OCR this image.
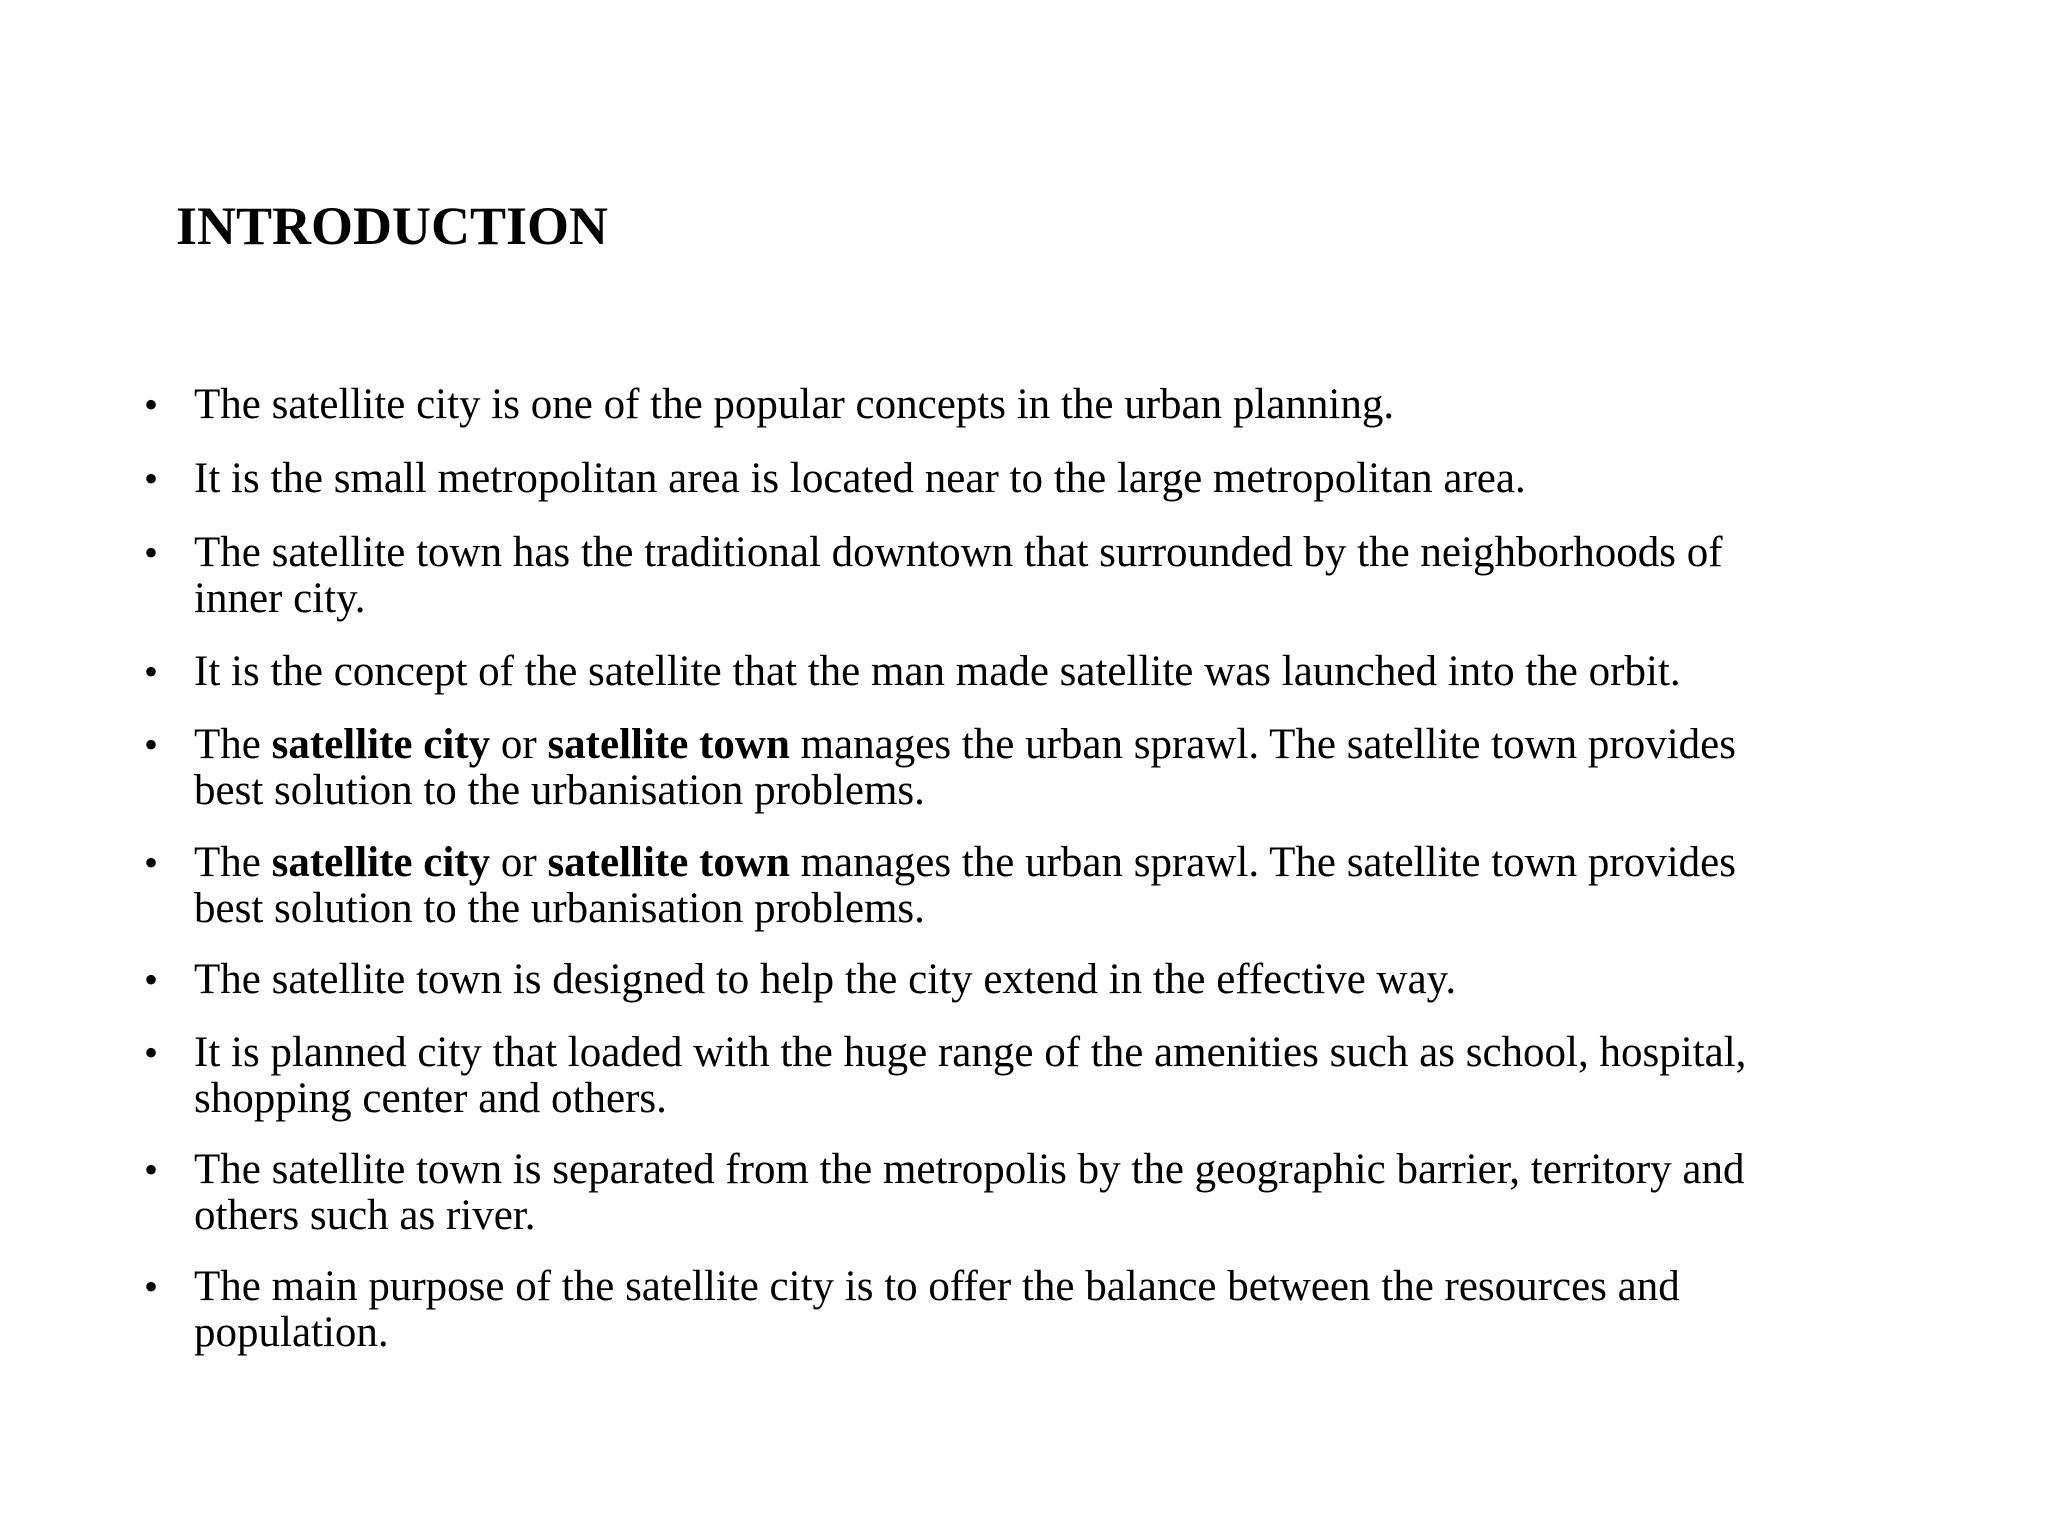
INTRODUCTION
• The satellite city is one of the popular concepts in the urban planning.
• It is the small metropolitan area is located near to the large metropolitan area.
• The satellite town has the traditional downtown that surrounded by the neighborhoods of
inner city.
• It is the concept of the satellite that the man made satellite was launched into the orbit.
• The satellite city or satellite town manages the urban sprawl. The satellite town provides
best solution to the urbanisation problems.
• The satellite city or satellite town manages the urban sprawl. The satellite town provides
best solution to the urbanisation problems.
• The satellite town is designed to help the city extend in the effective way.
• It is planned city that loaded with the huge range of the amenities such as school, hospital,
shopping center and others.
• The satellite town is separated from the metropolis by the geographic barrier, territory and
others such as river.
• The main purpose of the satellite city is to offer the balance between the resources and
population.
